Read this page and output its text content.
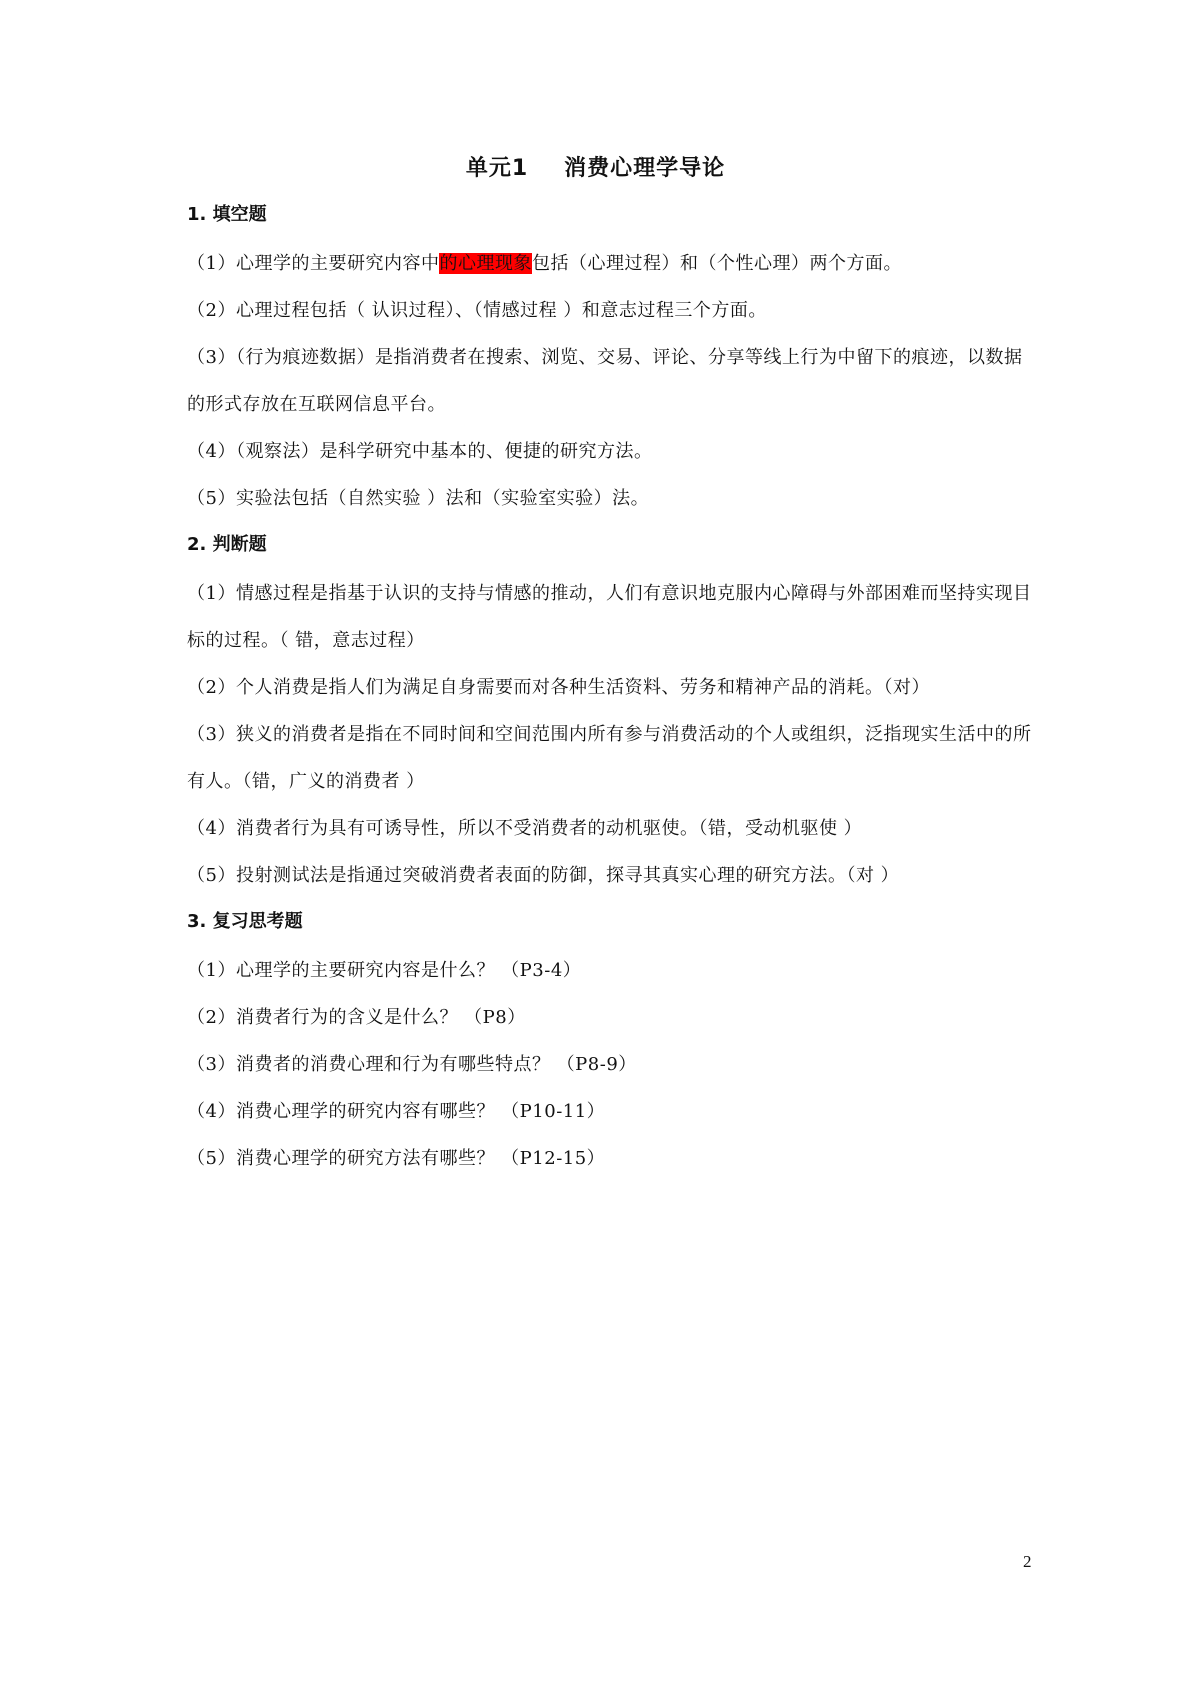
单元1 消费心理学导论

1. 填空题

（1）心理学的主要研究内容中的心理现象包括（心理过程）和（个性心理）两个方面。

（2）心理过程包括（ 认识过程）、（情感过程 ）和意志过程三个方面。

（3）（行为痕迹数据）是指消费者在搜索、浏览、交易、评论、分享等线上行为中留下的痕迹，以数据的形式存放在互联网信息平台。

（4）（观察法）是科学研究中基本的、便捷的研究方法。

（5）实验法包括（自然实验 ）法和（实验室实验）法。

2. 判断题

（1）情感过程是指基于认识的支持与情感的推动，人们有意识地克服内心障碍与外部困难而坚持实现目标的过程。（ 错，意志过程）

（2）个人消费是指人们为满足自身需要而对各种生活资料、劳务和精神产品的消耗。（对）

（3）狭义的消费者是指在不同时间和空间范围内所有参与消费活动的个人或组织，泛指现实生活中的所有人。（错，广义的消费者 ）

（4）消费者行为具有可诱导性，所以不受消费者的动机驱使。（错，受动机驱使 ）

（5）投射测试法是指通过突破消费者表面的防御，探寻其真实心理的研究方法。（对 ）

3. 复习思考题

（1）心理学的主要研究内容是什么？ （P3-4）

（2）消费者行为的含义是什么？ （P8）

（3）消费者的消费心理和行为有哪些特点？ （P8-9）

（4）消费心理学的研究内容有哪些？ （P10-11）

（5）消费心理学的研究方法有哪些？ （P12-15）

2
